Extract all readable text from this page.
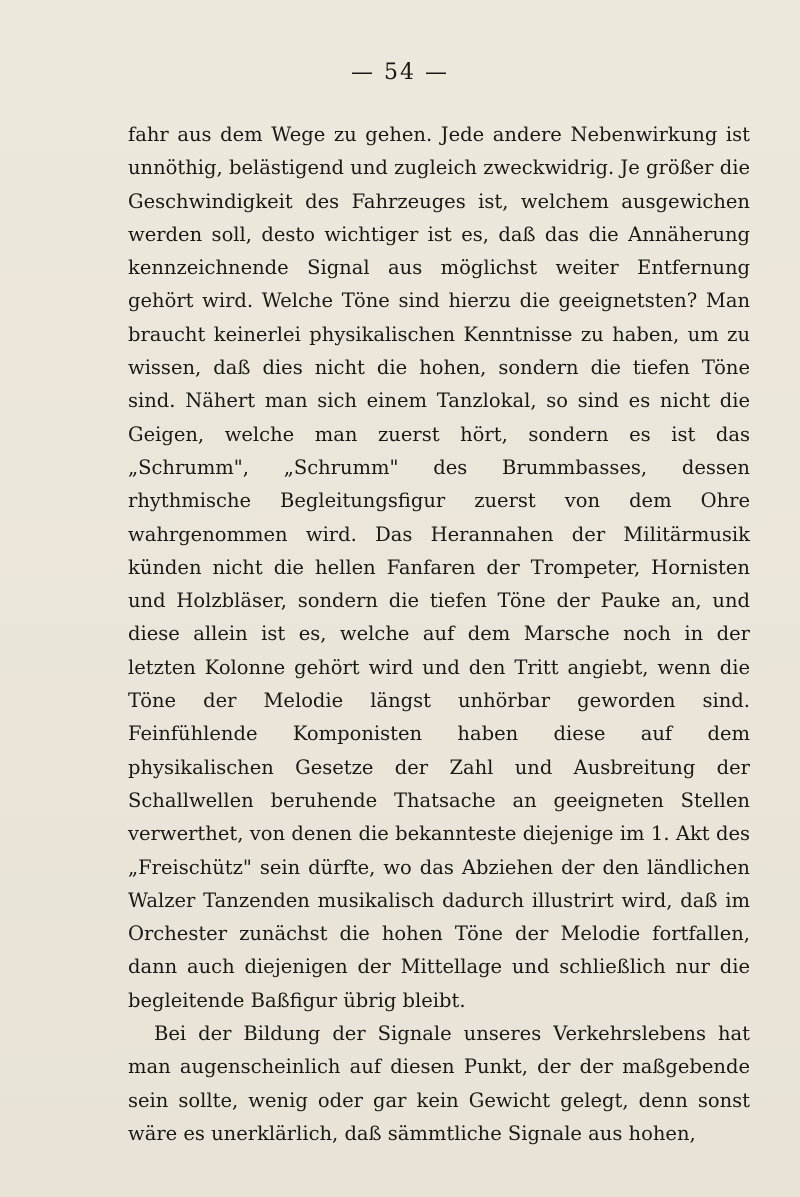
— 54 —

fahr aus dem Wege zu gehen. Jede andere Nebenwirkung ist unnöthig, belästigend und zugleich zweckwidrig. Je größer die Geschwindigkeit des Fahrzeuges ist, welchem ausgewichen werden soll, desto wichtiger ist es, daß das die Annäherung kennzeichnende Signal aus möglichst weiter Entfernung gehört wird. Welche Töne sind hierzu die geeignetsten? Man braucht keinerlei physikalischen Kenntnisse zu haben, um zu wissen, daß dies nicht die hohen, sondern die tiefen Töne sind. Nähert man sich einem Tanzlokal, so sind es nicht die Geigen, welche man zuerst hört, sondern es ist das „Schrumm", „Schrumm" des Brummbasses, dessen rhythmische Begleitungsfigur zuerst von dem Ohre wahrgenommen wird. Das Herannahen der Militärmusik künden nicht die hellen Fanfaren der Trompeter, Hornisten und Holzbläser, sondern die tiefen Töne der Pauke an, und diese allein ist es, welche auf dem Marsche noch in der letzten Kolonne gehört wird und den Tritt angiebt, wenn die Töne der Melodie längst unhörbar geworden sind. Feinfühlende Komponisten haben diese auf dem physikalischen Gesetze der Zahl und Ausbreitung der Schallwellen beruhende Thatsache an geeigneten Stellen verwerthet, von denen die bekannteste diejenige im 1. Akt des „Freischütz" sein dürfte, wo das Abziehen der den ländlichen Walzer Tanzenden musikalisch dadurch illustrirt wird, daß im Orchester zunächst die hohen Töne der Melodie fortfallen, dann auch diejenigen der Mittellage und schließlich nur die begleitende Baßfigur übrig bleibt.

Bei der Bildung der Signale unseres Verkehrslebens hat man augenscheinlich auf diesen Punkt, der der maßgebende sein sollte, wenig oder gar kein Gewicht gelegt, denn sonst wäre es unerklärlich, daß sämmtliche Signale aus hohen,
